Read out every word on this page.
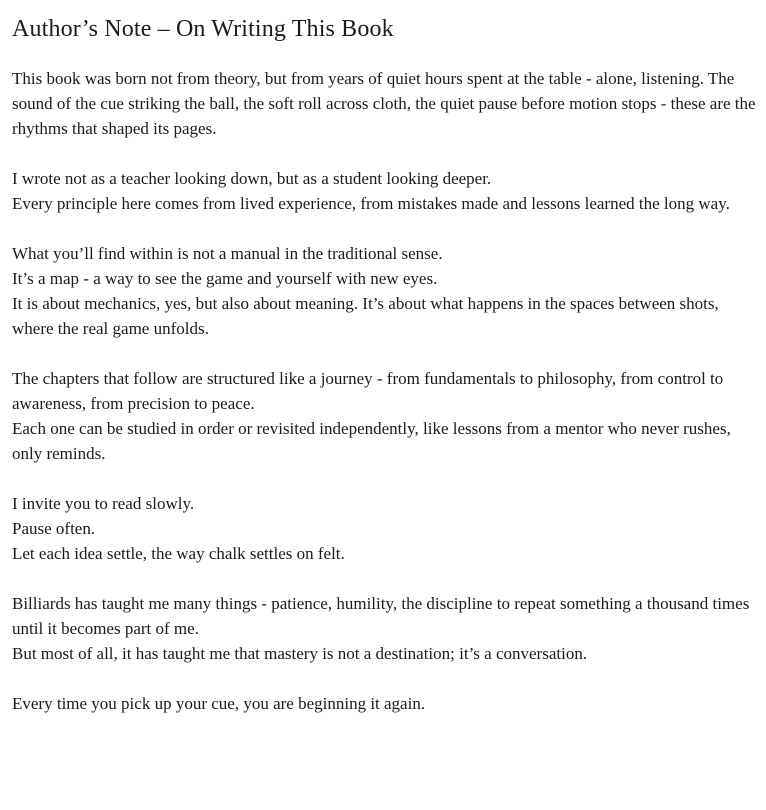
Author’s Note – On Writing This Book

This book was born not from theory, but from years of quiet hours spent at the table - alone, listening. The sound of the cue striking the ball, the soft roll across cloth, the quiet pause before motion stops - these are the rhythms that shaped its pages.

I wrote not as a teacher looking down, but as a student looking deeper.
Every principle here comes from lived experience, from mistakes made and lessons learned the long way.

What you’ll find within is not a manual in the traditional sense.
It’s a map - a way to see the game and yourself with new eyes.
It is about mechanics, yes, but also about meaning. It’s about what happens in the spaces between shots, where the real game unfolds.

The chapters that follow are structured like a journey - from fundamentals to philosophy, from control to awareness, from precision to peace.
Each one can be studied in order or revisited independently, like lessons from a mentor who never rushes, only reminds.

I invite you to read slowly.
Pause often.
Let each idea settle, the way chalk settles on felt.

Billiards has taught me many things - patience, humility, the discipline to repeat something a thousand times until it becomes part of me.
But most of all, it has taught me that mastery is not a destination; it’s a conversation.

Every time you pick up your cue, you are beginning it again.
